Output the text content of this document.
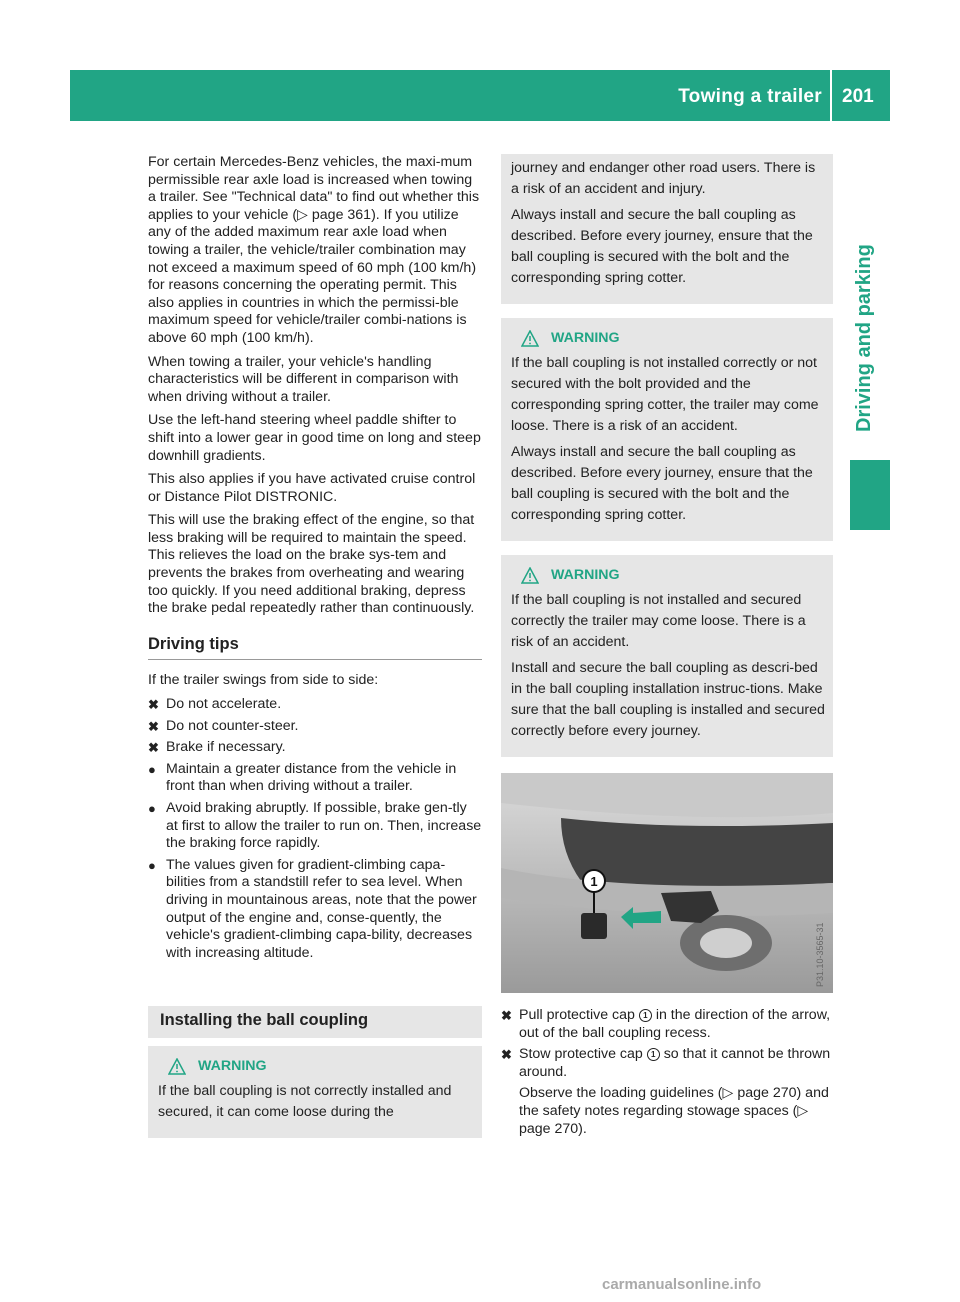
Towing a trailer 201
Driving and parking

For certain Mercedes-Benz vehicles, the maxi-mum permissible rear axle load is increased when towing a trailer. See "Technical data" to find out whether this applies to your vehicle (▷ page 361). If you utilize any of the added maximum rear axle load when towing a trailer, the vehicle/trailer combination may not exceed a maximum speed of 60 mph (100 km/h) for reasons concerning the operating permit. This also applies in countries in which the permissi-ble maximum speed for vehicle/trailer combi-nations is above 60 mph (100 km/h).

When towing a trailer, your vehicle's handling characteristics will be different in comparison with when driving without a trailer.

Use the left-hand steering wheel paddle shifter to shift into a lower gear in good time on long and steep downhill gradients.

This also applies if you have activated cruise control or Distance Pilot DISTRONIC.

This will use the braking effect of the engine, so that less braking will be required to maintain the speed. This relieves the load on the brake sys-tem and prevents the brakes from overheating and wearing too quickly. If you need additional braking, depress the brake pedal repeatedly rather than continuously.

Driving tips

If the trailer swings from side to side:

✖ Do not accelerate.
✖ Do not counter-steer.
✖ Brake if necessary.
● Maintain a greater distance from the vehicle in front than when driving without a trailer.
● Avoid braking abruptly. If possible, brake gen-tly at first to allow the trailer to run on. Then, increase the braking force rapidly.
● The values given for gradient-climbing capa-bilities from a standstill refer to sea level. When driving in mountainous areas, note that the power output of the engine and, conse-quently, the vehicle's gradient-climbing capa-bility, decreases with increasing altitude.
Installing the ball coupling
WARNING

If the ball coupling is not correctly installed and secured, it can come loose during the

journey and endanger other road users. There is a risk of an accident and injury.

Always install and secure the ball coupling as described. Before every journey, ensure that the ball coupling is secured with the bolt and the corresponding spring cotter.

WARNING

If the ball coupling is not installed correctly or not secured with the bolt provided and the corresponding spring cotter, the trailer may come loose. There is a risk of an accident.

Always install and secure the ball coupling as described. Before every journey, ensure that the ball coupling is secured with the bolt and the corresponding spring cotter.

WARNING

If the ball coupling is not installed and secured correctly the trailer may come loose. There is a risk of an accident.

Install and secure the ball coupling as descri-bed in the ball coupling installation instruc-tions. Make sure that the ball coupling is installed and secured correctly before every journey.

1
P31.10-3565-31
✖ Pull protective cap 1 in the direction of the arrow, out of the ball coupling recess.
✖ Stow protective cap 1 so that it cannot be thrown around.

Observe the loading guidelines (▷ page 270) and the safety notes regarding stowage spaces (▷ page 270).

carmanualsonline.info
